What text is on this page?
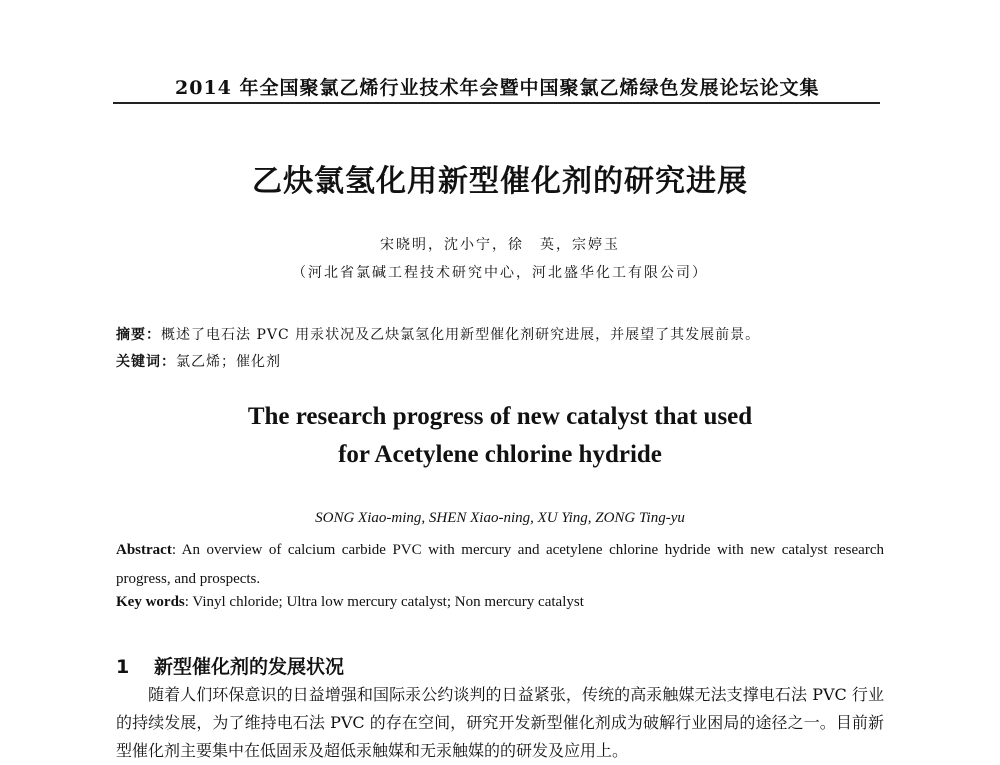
2014 年全国聚氯乙烯行业技术年会暨中国聚氯乙烯绿色发展论坛论文集
乙炔氯氢化用新型催化剂的研究进展
宋晓明，沈小宁，徐　英，宗婷玉
（河北省氯碱工程技术研究中心，河北盛华化工有限公司）
摘要：概述了电石法 PVC 用汞状况及乙炔氯氢化用新型催化剂研究进展，并展望了其发展前景。
关键词：氯乙烯；催化剂
The research progress of new catalyst that used
for Acetylene chlorine hydride
SONG Xiao-ming, SHEN Xiao-ning, XU Ying, ZONG Ting-yu
Abstract: An overview of calcium carbide PVC with mercury and acetylene chlorine hydride with new catalyst research progress, and prospects.
Key words: Vinyl chloride; Ultra low mercury catalyst; Non mercury catalyst
1 新型催化剂的发展状况
随着人们环保意识的日益增强和国际汞公约谈判的日益紧张，传统的高汞触媒无法支撑电石法 PVC 行业的持续发展，为了维持电石法 PVC 的存在空间，研究开发新型催化剂成为破解行业困局的途径之一。目前新型催化剂主要集中在低固汞及超低汞触媒和无汞触媒的的研发及应用上。
